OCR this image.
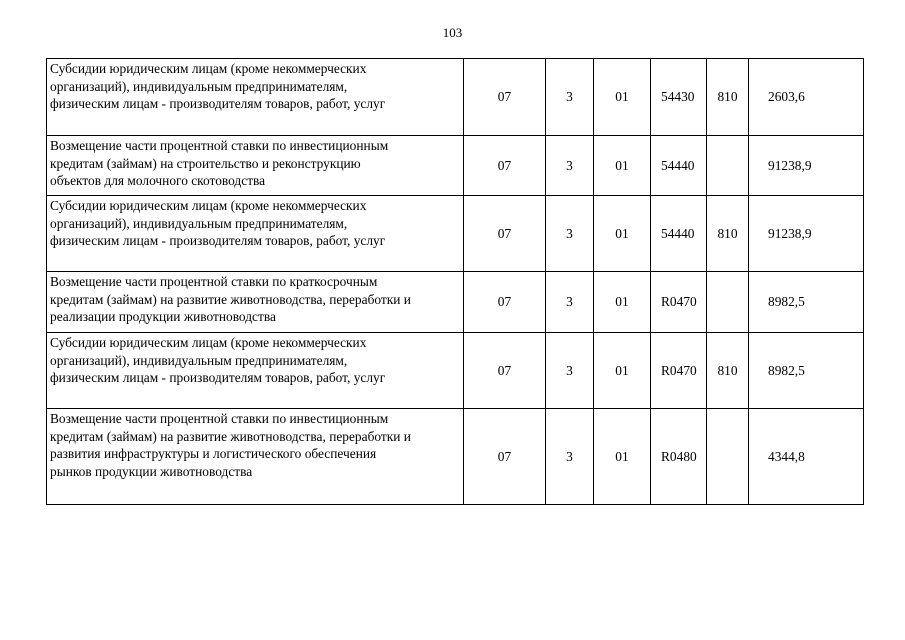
103
Субсидии юридическим лицам (кроме некоммерческих
организаций), индивидуальным предпринимателям,
физическим лицам - производителям товаров, работ, услуг	07	3	01	54430	810	2603,6
Возмещение части процентной ставки по инвестиционным
кредитам (займам) на строительство и реконструкцию
объектов для молочного скотоводства	07	3	01	54440		91238,9
Субсидии юридическим лицам (кроме некоммерческих
организаций), индивидуальным предпринимателям,
физическим лицам - производителям товаров, работ, услуг	07	3	01	54440	810	91238,9
Возмещение части процентной ставки по краткосрочным
кредитам (займам) на развитие животноводства, переработки и
реализации продукции животноводства	07	3	01	R0470		8982,5
Субсидии юридическим лицам (кроме некоммерческих
организаций), индивидуальным предпринимателям,
физическим лицам - производителям товаров, работ, услуг	07	3	01	R0470	810	8982,5
Возмещение части процентной ставки по инвестиционным
кредитам (займам) на развитие животноводства, переработки и
развития инфраструктуры и логистического обеспечения
рынков продукции животноводства	07	3	01	R0480		4344,8
